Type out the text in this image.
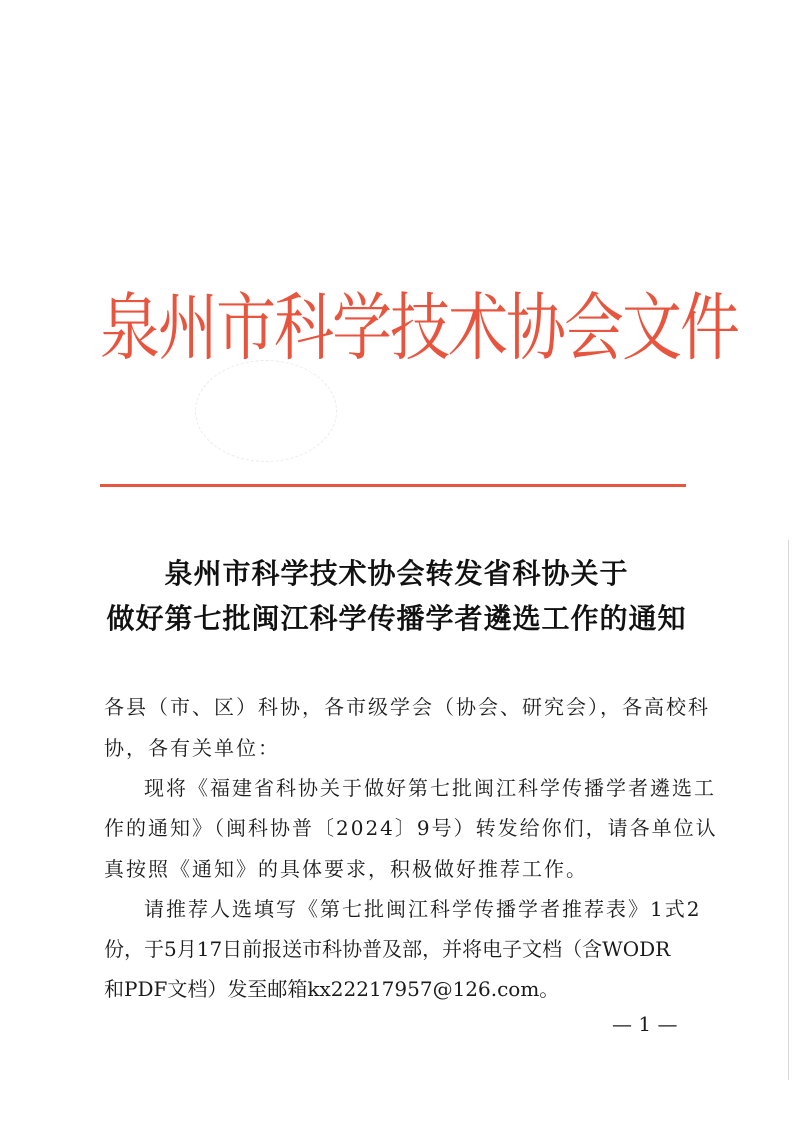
泉州市科学技术协会文件
泉州市科学技术协会转发省科协关于
做好第七批闽江科学传播学者遴选工作的通知
各县（市、区）科协，各市级学会（协会、研究会），各高校科
协，各有关单位：
现将《福建省科协关于做好第七批闽江科学传播学者遴选工
作的通知》（闽科协普〔2024〕9号）转发给你们，请各单位认
真按照《通知》的具体要求，积极做好推荐工作。
请推荐人选填写《第七批闽江科学传播学者推荐表》1式2
份，于5月17日前报送市科协普及部，并将电子文档（含WODR
和PDF文档）发至邮箱kx22217957@126.com。
— 1 —
